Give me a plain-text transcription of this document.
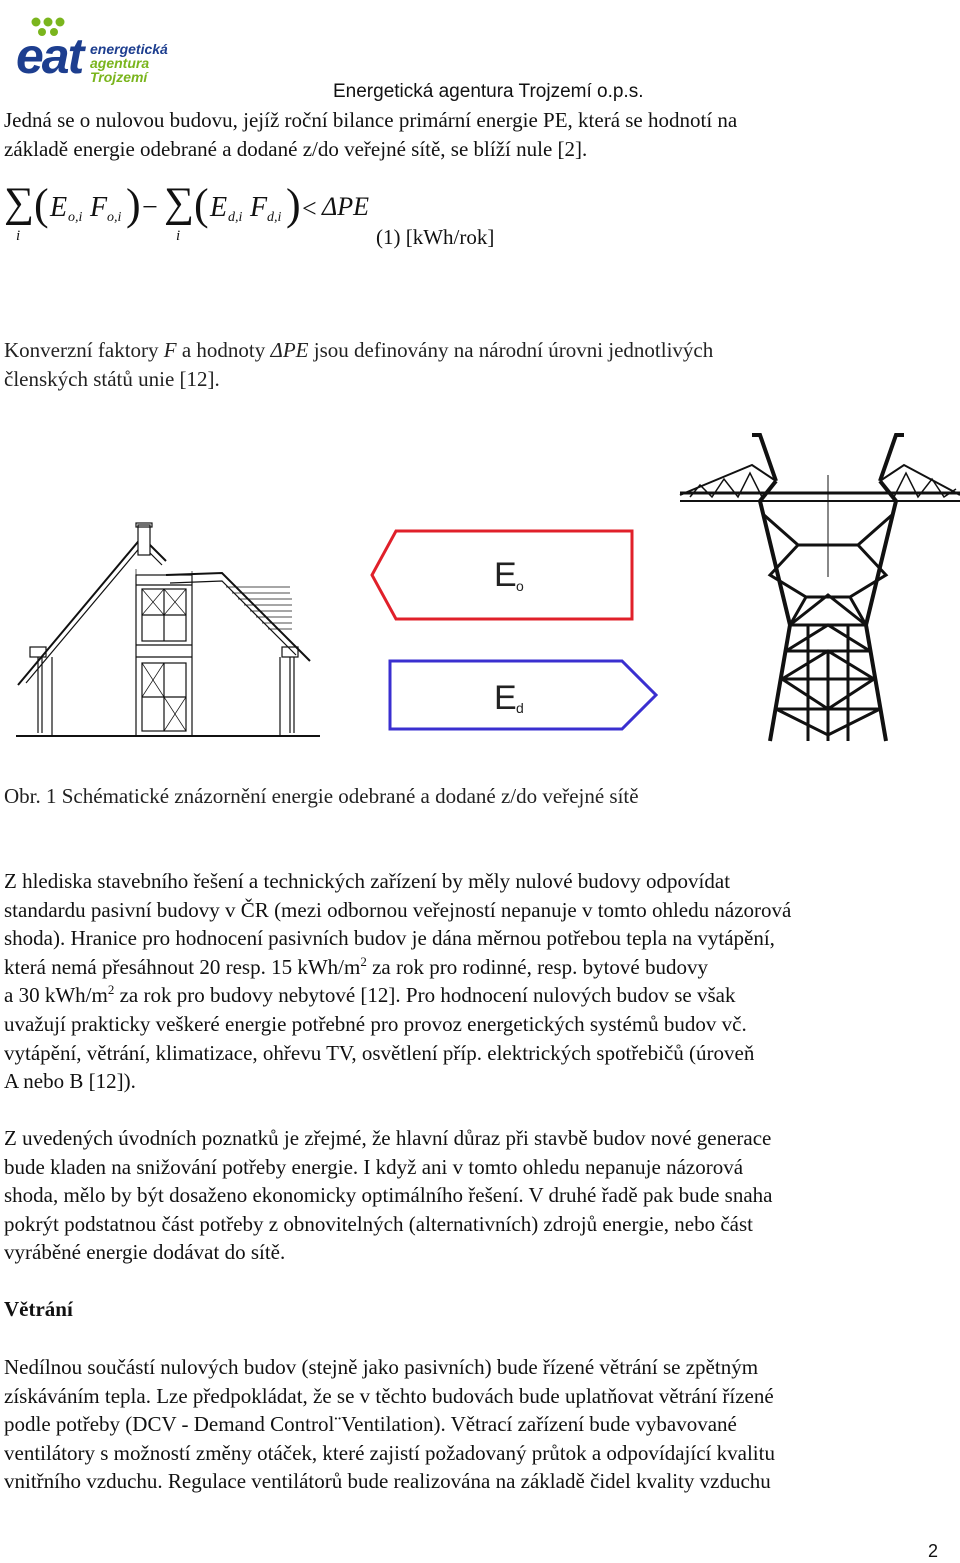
eat energetická
agentura
Trojzemí
Energetická agentura Trojzemí o.p.s.
Jedná se o nulovou budovu, jejíž roční bilance primární energie PE, která se hodnotí na
základě energie odebrané a dodané z/do veřejné sítě, se blíží nule [2].
∑
i
( E o,i F o,i ) − ∑
i
( E d,i F d,i ) < ΔPE
(1) [kWh/rok]
Konverzní faktory F a hodnoty ΔPE jsou definovány na národní úrovni jednotlivých
členských států unie [12].
E o
E d
Obr. 1 Schématické znázornění energie odebrané a dodané z/do veřejné sítě
Z hlediska stavebního řešení a technických zařízení by měly nulové budovy odpovídat
standardu pasivní budovy v ČR (mezi odbornou veřejností nepanuje v tomto ohledu názorová
shoda). Hranice pro hodnocení pasivních budov je dána měrnou potřebou tepla na vytápění,
která nemá přesáhnout 20 resp. 15 kWh/$m^2$ za rok pro rodinné, resp. bytové budovy
a 30 kWh/$m^2$ za rok pro budovy nebytové [12]. Pro hodnocení nulových budov se však
uvažují prakticky veškeré energie potřebné pro provoz energetických systémů budov vč.
vytápění, větrání, klimatizace, ohřevu TV, osvětlení příp. elektrických spotřebičů (úroveň
A nebo B [12]).
Z uvedených úvodních poznatků je zřejmé, že hlavní důraz při stavbě budov nové generace
bude kladen na snižování potřeby energie. I když ani v tomto ohledu nepanuje názorová
shoda, mělo by být dosaženo ekonomicky optimálního řešení. V druhé řadě pak bude snaha
pokrýt podstatnou část potřeby z obnovitelných (alternativních) zdrojů energie, nebo část
vyráběné energie dodávat do sítě.
Větrání
Nedílnou součástí nulových budov (stejně jako pasivních) bude řízené větrání se zpětným
získáváním tepla. Lze předpokládat, že se v těchto budovách bude uplatňovat větrání řízené
podle potřeby (DCV - Demand Control¨Ventilation). Větrací zařízení bude vybavované
ventilátory s možností změny otáček, které zajistí požadovaný průtok a odpovídající kvalitu
vnitřního vzduchu. Regulace ventilátorů bude realizována na základě čidel kvality vzduchu
2
